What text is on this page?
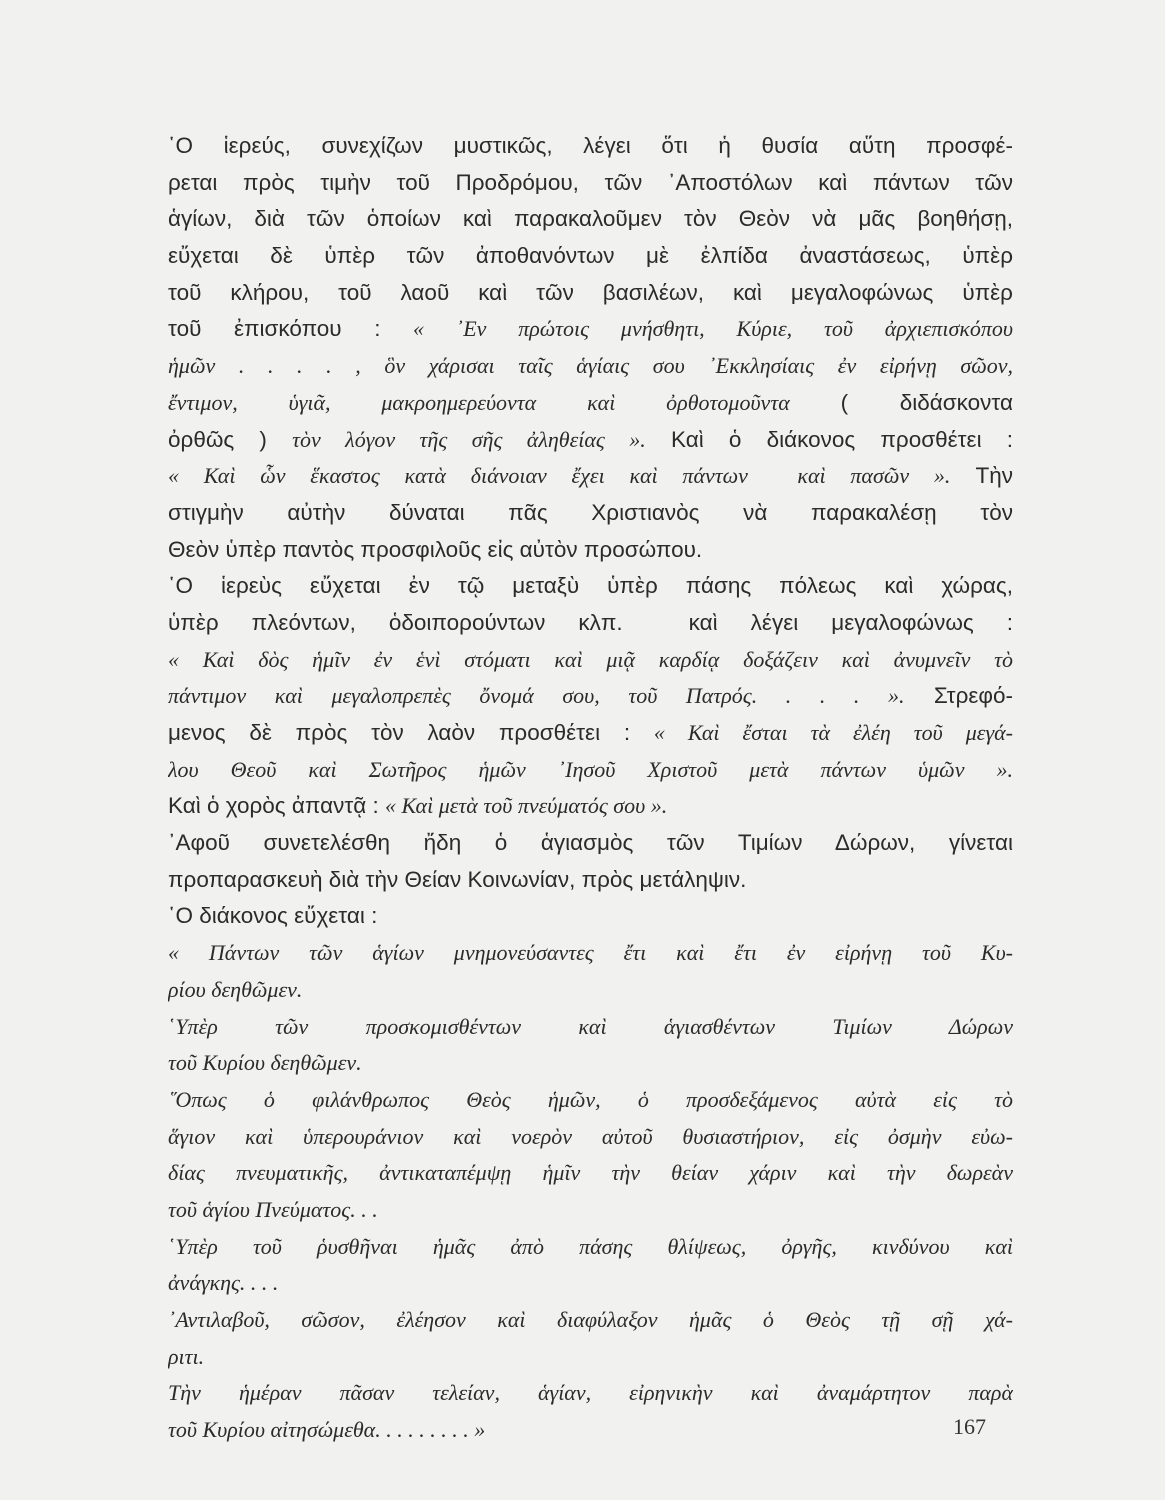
῾Ο ἱερεύς, συνεχίζων μυστικῶς, λέγει ὅτι ἡ θυσία αὕτη προσφέ-
ρεται πρὸς τιμὴν τοῦ Προδρόμου, τῶν ᾿Αποστόλων καὶ πάντων τῶν
ἁγίων, διὰ τῶν ὁποίων καὶ παρακαλοῦμεν τὸν Θεὸν νὰ μᾶς βοηθήσῃ,
εὔχεται δὲ ὑπὲρ τῶν ἀποθανόντων μὲ ἐλπίδα ἀναστάσεως, ὑπὲρ
τοῦ κλήρου, τοῦ λαοῦ καὶ τῶν βασιλέων, καὶ μεγαλοφώνως ὑπὲρ
τοῦ ἐπισκόπου : « ᾿Εν πρώτοις μνήσθητι, Κύριε, τοῦ ἀρχιεπισκόπου
ἡμῶν . . . . , ὃν χάρισαι ταῖς ἁγίαις σου ᾿Εκκλησίαις ἐν εἰρήνῃ σῶον,
ἔντιμον, ὑγιᾶ, μακροημερεύοντα καὶ ὀρθοτομοῦντα ( διδάσκοντα
ὀρθῶς ) τὸν λόγον τῆς σῆς ἀληθείας ». Καὶ ὁ διάκονος προσθέτει :
« Καὶ ὧν ἕκαστος κατὰ διάνοιαν ἔχει καὶ πάντων  καὶ πασῶν ». Τὴν
στιγμὴν αὐτὴν δύναται πᾶς Χριστιανὸς νὰ παρακαλέσῃ τὸν
Θεὸν ὑπὲρ παντὸς προσφιλοῦς εἰς αὐτὸν προσώπου.
῾Ο ἱερεὺς εὔχεται ἐν τῷ μεταξὺ ὑπὲρ πάσης πόλεως καὶ χώρας,
ὑπὲρ πλεόντων, ὁδοιπορούντων κλπ.  καὶ λέγει μεγαλοφώνως :
« Καὶ δὸς ἡμῖν ἐν ἑνὶ στόματι καὶ μιᾷ καρδίᾳ δοξάζειν καὶ ἀνυμνεῖν τὸ
πάντιμον καὶ μεγαλοπρεπὲς ὄνομά σου, τοῦ Πατρός. . . . ». Στρεφό-
μενος δὲ πρὸς τὸν λαὸν προσθέτει : « Καὶ ἔσται τὰ ἐλέη τοῦ μεγά-
λου Θεοῦ καὶ Σωτῆρος ἡμῶν ᾿Ιησοῦ Χριστοῦ μετὰ πάντων ὑμῶν ».
Καὶ ὁ χορὸς ἀπαντᾷ : « Καὶ μετὰ τοῦ πνεύματός σου ».
᾿Αφοῦ συνετελέσθη ἤδη ὁ ἁγιασμὸς τῶν Τιμίων Δώρων, γίνεται
προπαρασκευὴ διὰ τὴν Θείαν Κοινωνίαν, πρὸς μετάληψιν.
῾Ο διάκονος εὔχεται :
« Πάντων τῶν ἁγίων μνημονεύσαντες ἔτι καὶ ἔτι ἐν εἰρήνῃ τοῦ Κυ-
ρίου δεηθῶμεν.
῾Υπὲρ τῶν προσκομισθέντων καὶ ἁγιασθέντων Τιμίων Δώρων
τοῦ Κυρίου δεηθῶμεν.
῞Οπως ὁ φιλάνθρωπος Θεὸς ἡμῶν, ὁ προσδεξάμενος αὐτὰ εἰς τὸ
ἅγιον καὶ ὑπερουράνιον καὶ νοερὸν αὐτοῦ θυσιαστήριον, εἰς ὀσμὴν εὐω-
δίας πνευματικῆς, ἀντικαταπέμψῃ ἡμῖν τὴν θείαν χάριν καὶ τὴν δωρεὰν
τοῦ ἁγίου Πνεύματος. . .
῾Υπὲρ τοῦ ῥυσθῆναι ἡμᾶς ἀπὸ πάσης θλίψεως, ὀργῆς, κινδύνου καὶ
ἀνάγκης. . . .
᾿Αντιλαβοῦ, σῶσον, ἐλέησον καὶ διαφύλαξον ἡμᾶς ὁ Θεὸς τῇ σῇ χά-
ριτι.
Τὴν ἡμέραν πᾶσαν τελείαν, ἁγίαν, εἰρηνικὴν καὶ ἀναμάρτητον παρὰ
τοῦ Κυρίου αἰτησώμεθα. . . . . . . . . »	167
